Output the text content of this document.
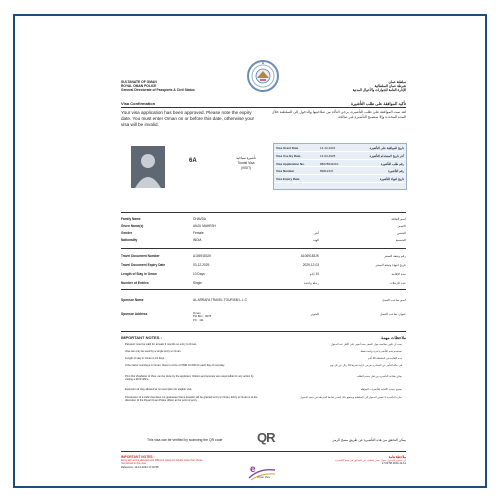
SULTANATE OF OMAN
ROYAL OMAN POLICE
General Directorate of Passports & Civil Status
سلطنة عمان
شرطة عمان السلطانية
الإدارة العامة للجوازات والأحوال المدنية
Visa Confirmation	تأكيد الموافقة على طلب التأشيرة
Your visa application has been approved. Please note the expiry date. You must enter Oman on or before this date, otherwise your visa will be invalid.
لقد تمت الموافقة على طلب التأشيرة، يرجى التأكد من صلاحيتها والدخول إلى السلطنة خلال المدة المحددة وإلا ستصبح التأشيرة غير صالحة
6A	تأشيرة سياحية
Tourist Visa
(VISIT)
Visa Grant Date	14-12-2024	تاريخ الموافقة على التأشيرة
Visa Use By Date	13-03-2025	آخر تاريخ لاستخدام التأشيرة
Visa Application No.	88678842210	رقم طلب التأشيرة
Visa Number	89812347	رقم التأشيرة
Visa Expiry Date	تاريخ انتهاء التأشيرة
Family Name	CHAVDA	اسم العائلة
Given Name(s)	ANJU MAHESH	الاسم
Gender	Female	أنثى	الجنس
Nationality	INDIA	الهند	الجنسية
Travel Document Number	A1069183JK	A1069183JK	رقم وثيقة السفر
Travel Document Expiry Date	03-12-2029	2029-12-03	تاريخ انتهاء وثيقة السفر
Length of Stay in Oman	10 Days	10 أيام	مدة الإقامة
Number of Entries	Single	رحلة واحدة	عدد الرحلات
Sponsor Name	AL ARRAFA TRAVEL TOURISM L.L.C	اسم صاحب العمل
Sponsor Address	Oman
PO Box : 3078
PC : 111
الخوير	عنوان صاحب العمل
IMPORTANT NOTES :	ملاحظات مهمة
Passport must be valid for at least 6 months on entry to Oman.
Visa can only be used by a single entry to Oman.
Length of stay in Oman is 10 days.
If the visitor overstays in Oman, there is a fine of OMR 10.000 for each day of overstay.
Print this Visa/letter of Visa, can be done by the applicant. Visitors and sponsor are responsible for any action by visiting a ROP office.
Extension of stay allowed at no exemption for eligible visa.
Possession of a valid visa does not guarantee that a traveller will be granted entry to Oman. Entry to Oman is at the discretion of the Royal Oman Police officer at the point of entry.
يجب أن تكون صلاحية جواز السفر ستة أشهر على الأقل عند الدخول
تستخدم هذه التأشيرة لمرة واحدة فقط
مدة الإقامة في السلطنة 10 أيام
في حالة التأخر عن المغادرة تفرض غرامة قدرها 10 ريال عن كل يوم
يمكن طباعة التأشيرة من قبل مقدم الطلب
يسمح بتمديد الإقامة للتأشيرات المؤهلة
حيازة التأشيرة لا تضمن الدخول إلى السلطنة ويخضع ذلك لتقدير ضابط الشرطة في منفذ الدخول
This visa can be verified by scanning the QR code	QR	يمكن التحقق من هذه التأشيرة عن طريق مسح الرمز
IMPORTANT NOTES :
Entry will not be allowed with different passport details other than those mentioned in this visa.
Reference: 14-12-2024 17:02:58	e
Oman Visa
ملاحظة هامة
لن يسمح بالدخول بجواز سفر مختلف عن المذكور في هذه التأشيرة
2024-12-14 17:02:58
